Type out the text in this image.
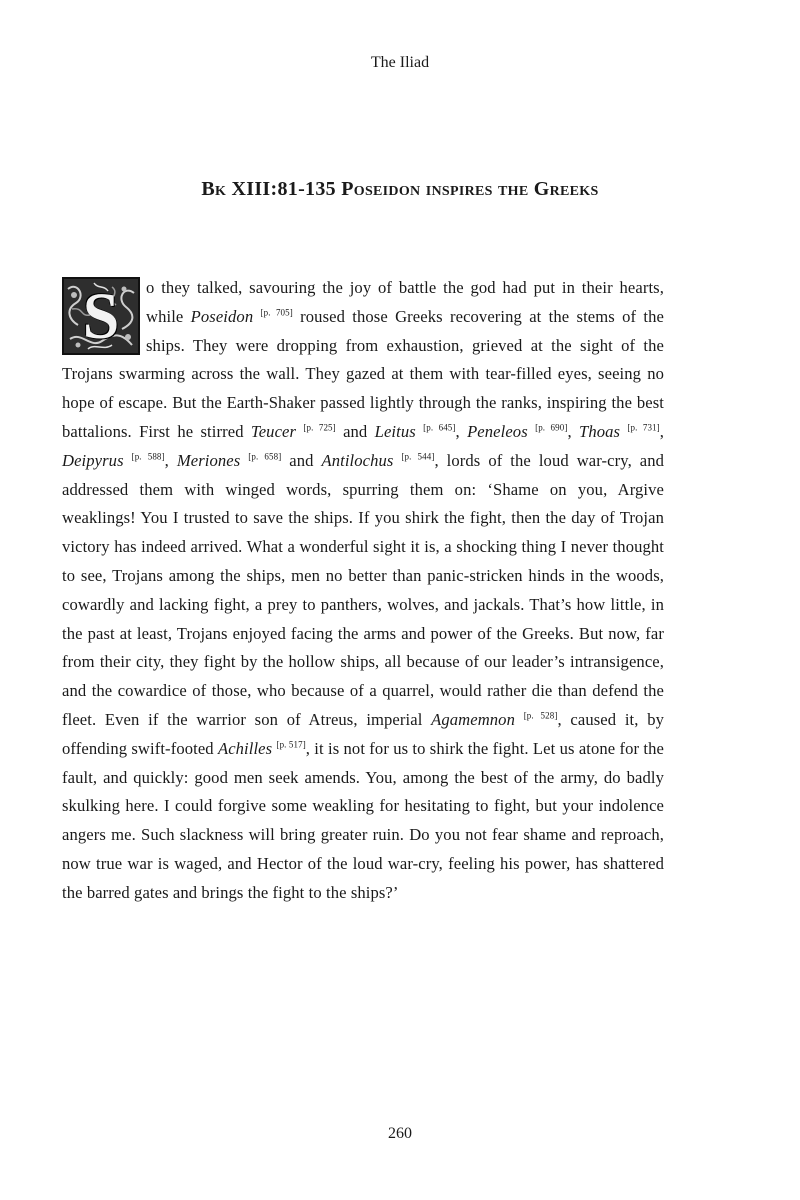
The Iliad
Bk XIII:81-135 Poseidon inspires the Greeks
S	o they talked, savouring the joy of battle the god had put in their hearts, while Poseidon [p. 705] roused those Greeks recovering at the stems of the ships. They were dropping from exhaustion, grieved at the sight of the Trojans swarming across the wall. They gazed at them with tear-filled eyes, seeing no hope of escape. But the Earth-Shaker passed lightly through the ranks, inspiring the best battalions. First he stirred Teucer [p. 725] and Leitus [p. 645], Peneleos [p. 690], Thoas [p. 731], Deipyrus [p. 588], Meriones [p. 658] and Antilochus [p. 544], lords of the loud war-cry, and addressed them with winged words, spurring them on: ‘Shame on you, Argive weaklings! You I trusted to save the ships. If you shirk the fight, then the day of Trojan victory has indeed arrived. What a wonderful sight it is, a shocking thing I never thought to see, Trojans among the ships, men no better than panic-stricken hinds in the woods, cowardly and lacking fight, a prey to panthers, wolves, and jackals. That’s how little, in the past at least, Trojans enjoyed facing the arms and power of the Greeks. But now, far from their city, they fight by the hollow ships, all because of our leader’s intransigence, and the cowardice of those, who because of a quarrel, would rather die than defend the fleet. Even if the warrior son of Atreus, imperial Agamemnon [p. 528], caused it, by offending swift-footed Achilles [p. 517], it is not for us to shirk the fight. Let us atone for the fault, and quickly: good men seek amends. You, among the best of the army, do badly skulking here. I could forgive some weakling for hesitating to fight, but your indolence angers me. Such slackness will bring greater ruin. Do you not fear shame and reproach, now true war is waged, and Hector of the loud war-cry, feeling his power, has shattered the barred gates and brings the fight to the ships?’
260
